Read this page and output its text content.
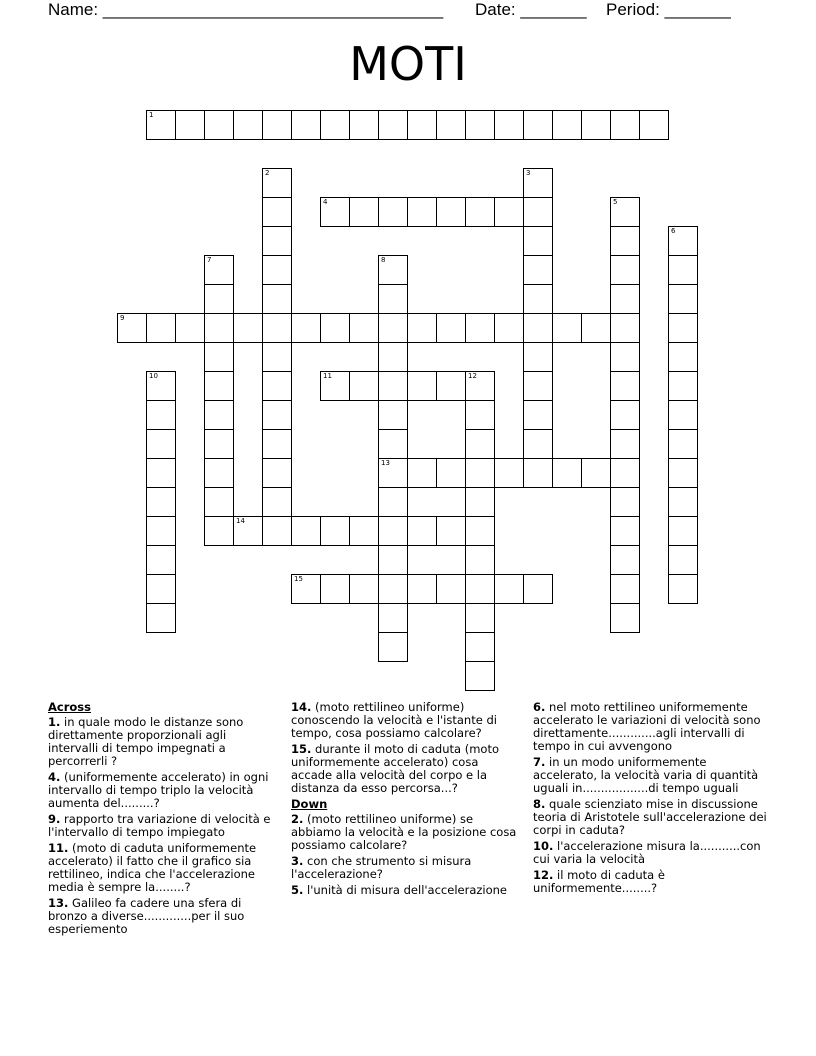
Name: ____________________________________ Date: _______ Period: _______
MOTI
1
2	3
4	5
6
7	8
13
9
10	11	12
14
15
Across
1. in quale modo le distanze sono direttamente proporzionali agli intervalli di tempo impegnati a percorrerli ?
4. (uniformemente accelerato) in ogni intervallo di tempo triplo la velocità aumenta del.........?
9. rapporto tra variazione di velocità e l'intervallo di tempo impiegato
11. (moto di caduta uniformemente accelerato) il fatto che il grafico sia rettilineo, indica che l'accelerazione media è sempre la........?
13. Galileo fa cadere una sfera di bronzo a diverse.............per il suo esperiemento
14. (moto rettilineo uniforme) conoscendo la velocità e l'istante di tempo, cosa possiamo calcolare?
15. durante il moto di caduta (moto uniformemente accelerato) cosa accade alla velocità del corpo e la distanza da esso percorsa...?
Down
2. (moto rettilineo uniforme) se abbiamo la velocità e la posizione cosa possiamo calcolare?
3. con che strumento si misura l'accelerazione?
5. l'unità di misura dell'accelerazione
6. nel moto rettilineo uniformemente accelerato le variazioni di velocità sono direttamente.............agli intervalli di tempo in cui avvengono
7. in un modo uniformemente accelerato, la velocità varia di quantità uguali in..................di tempo uguali
8. quale scienziato mise in discussione teoria di Aristotele sull'accelerazione dei corpi in caduta?
10. l'accelerazione misura la...........con cui varia la velocità
12. il moto di caduta è uniformemente........?
